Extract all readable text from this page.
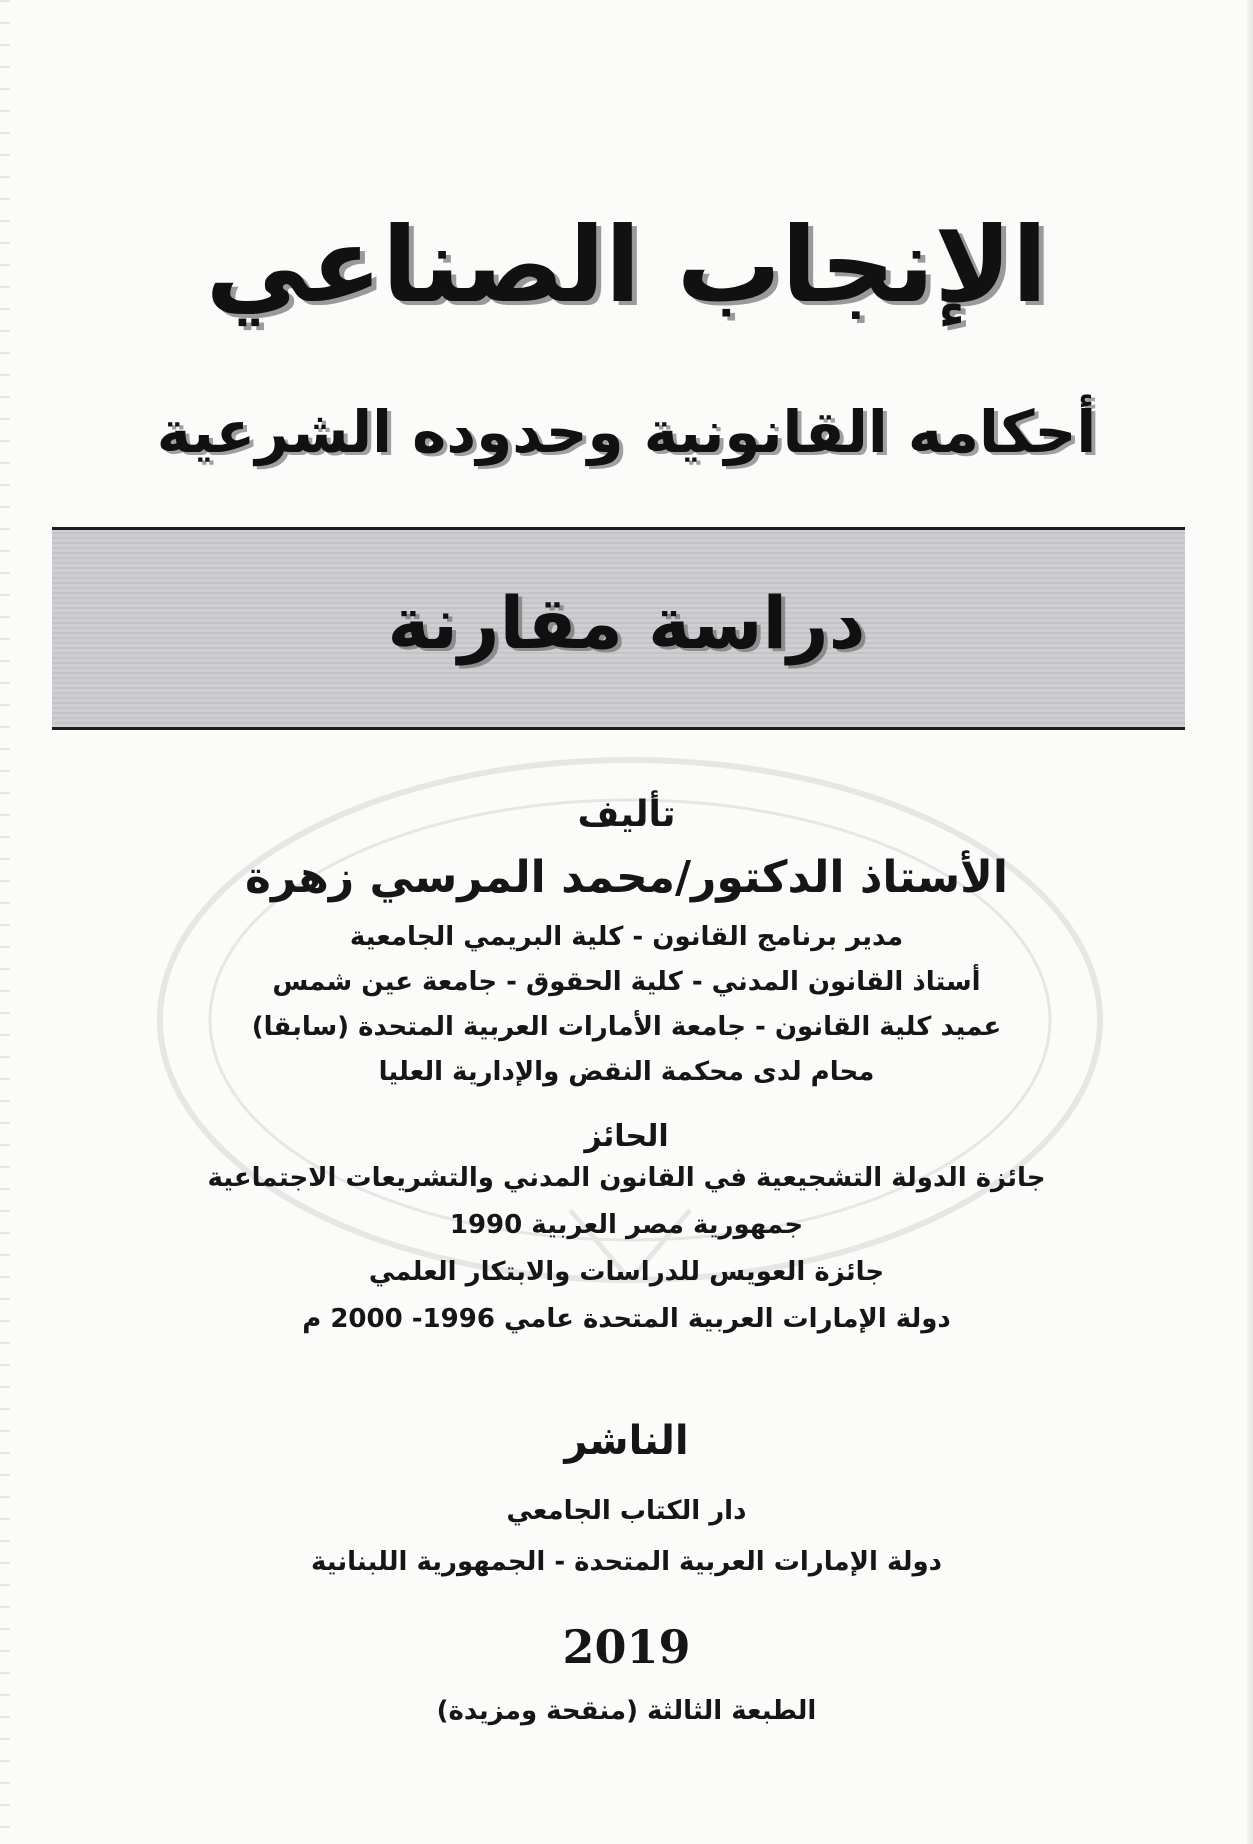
الإنجاب الصناعي
أحكامه القانونية وحدوده الشرعية
دراسة مقارنة
تأليف
الأستاذ الدكتور/محمد المرسي زهرة
مدير برنامج القانون - كلية البريمي الجامعية
أستاذ القانون المدني - كلية الحقوق - جامعة عين شمس
عميد كلية القانون - جامعة الأمارات العربية المتحدة (سابقا)
محام لدى محكمة النقض والإدارية العليا
الحائز
جائزة الدولة التشجيعية في القانون المدني والتشريعات الاجتماعية
جمهورية مصر العربية 1990
جائزة العويس للدراسات والابتكار العلمي
دولة الإمارات العربية المتحدة عامي 1996- 2000 م
الناشر
دار الكتاب الجامعي
دولة الإمارات العربية المتحدة - الجمهورية اللبنانية
2019
الطبعة الثالثة (منقحة ومزيدة)
